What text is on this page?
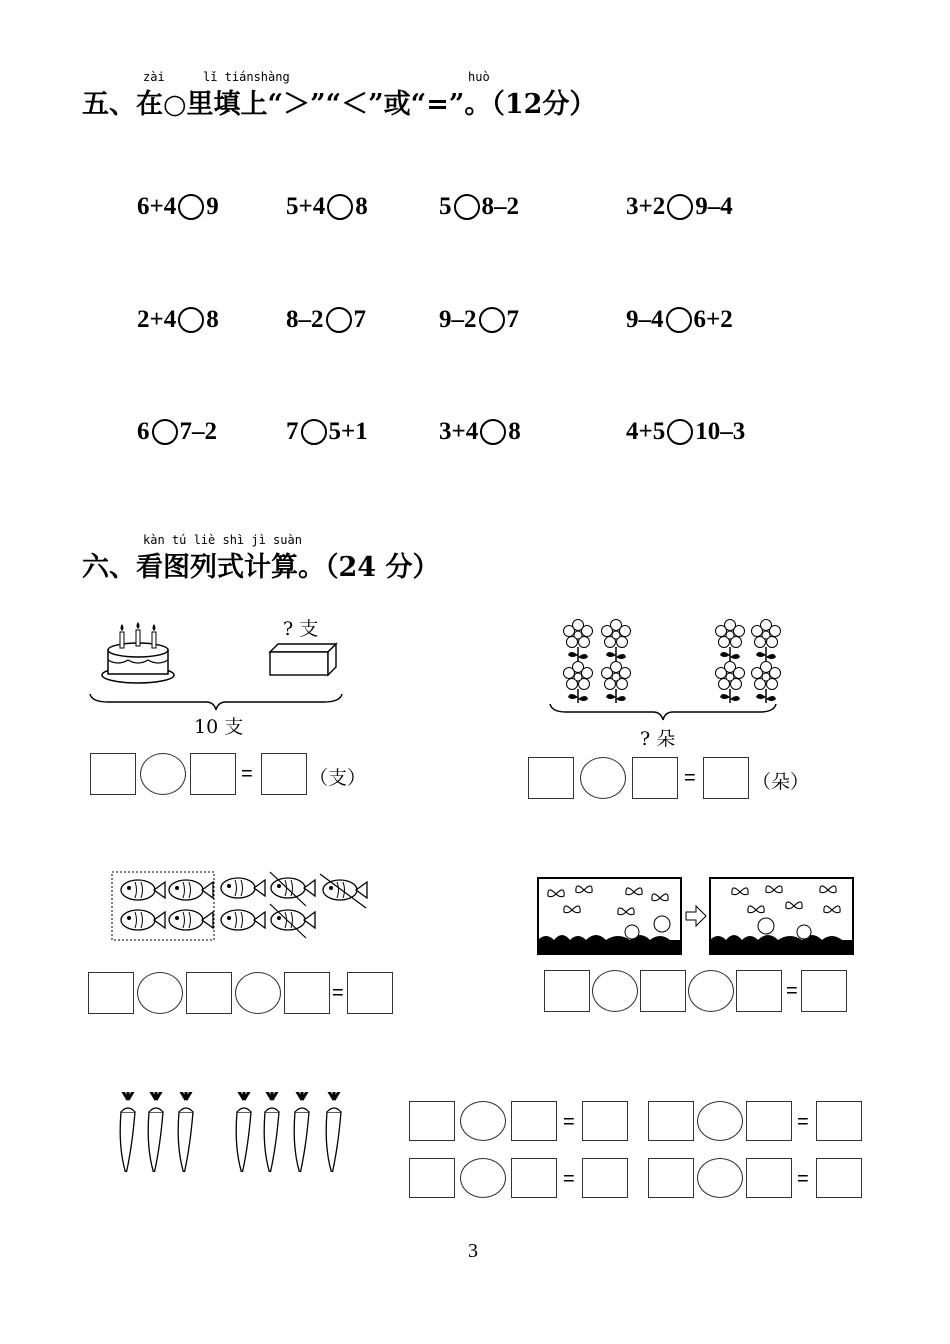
zài	lǐ tiánshàng	huò
五、在○里填上“＞”“＜”或“=”。（12分）
6+4 9	5+4 8	5 8–2	3+2 9–4
2+4 8	8–2 7	9–2 7	9–4 6+2
6 7–2	7 5+1	3+4 8	4+5 10–3
kàn tú liè shì jì suàn
六、看图列式计算。（24 分）
? 支
10 支
=	（支）
? 朵
=	（朵）
=	=
=	=
=	=
3
